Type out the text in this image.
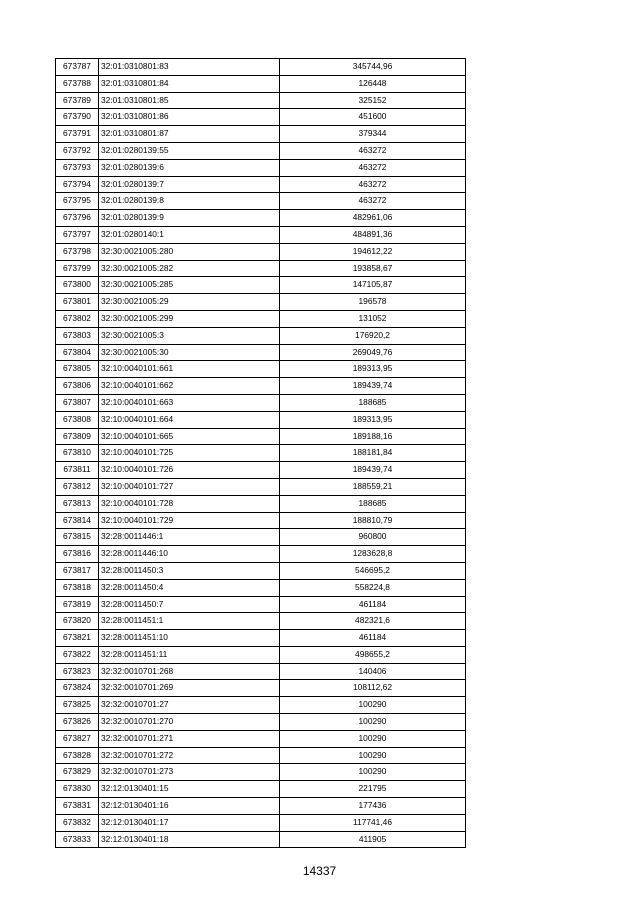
673787	32:01:0310801:83	345744,96
673788	32:01:0310801:84	126448
673789	32:01:0310801:85	325152
673790	32:01:0310801:86	451600
673791	32:01:0310801:87	379344
673792	32:01:0280139:55	463272
673793	32:01:0280139:6	463272
673794	32:01:0280139:7	463272
673795	32:01:0280139:8	463272
673796	32:01:0280139:9	482961,06
673797	32:01:0280140:1	484891,36
673798	32:30:0021005:280	194612,22
673799	32:30:0021005:282	193858,67
673800	32:30:0021005:285	147105,87
673801	32:30:0021005:29	196578
673802	32:30:0021005:299	131052
673803	32:30:0021005:3	176920,2
673804	32:30:0021005:30	269049,76
673805	32:10:0040101:661	189313,95
673806	32:10:0040101:662	189439,74
673807	32:10:0040101:663	188685
673808	32:10:0040101:664	189313,95
673809	32:10:0040101:665	189188,16
673810	32:10:0040101:725	188181,84
673811	32:10:0040101:726	189439,74
673812	32:10:0040101:727	188559,21
673813	32:10:0040101:728	188685
673814	32:10:0040101:729	188810,79
673815	32:28:0011446:1	960800
673816	32:28:0011446:10	1283628,8
673817	32:28:0011450:3	546695,2
673818	32:28:0011450:4	558224,8
673819	32:28:0011450:7	461184
673820	32:28:0011451:1	482321,6
673821	32:28:0011451:10	461184
673822	32:28:0011451:11	498655,2
673823	32:32:0010701:268	140406
673824	32:32:0010701:269	108112,62
673825	32:32:0010701:27	100290
673826	32:32:0010701:270	100290
673827	32:32:0010701:271	100290
673828	32:32:0010701:272	100290
673829	32:32:0010701:273	100290
673830	32:12:0130401:15	221795
673831	32:12:0130401:16	177436
673832	32:12:0130401:17	117741,46
673833	32:12:0130401:18	411905
14337
